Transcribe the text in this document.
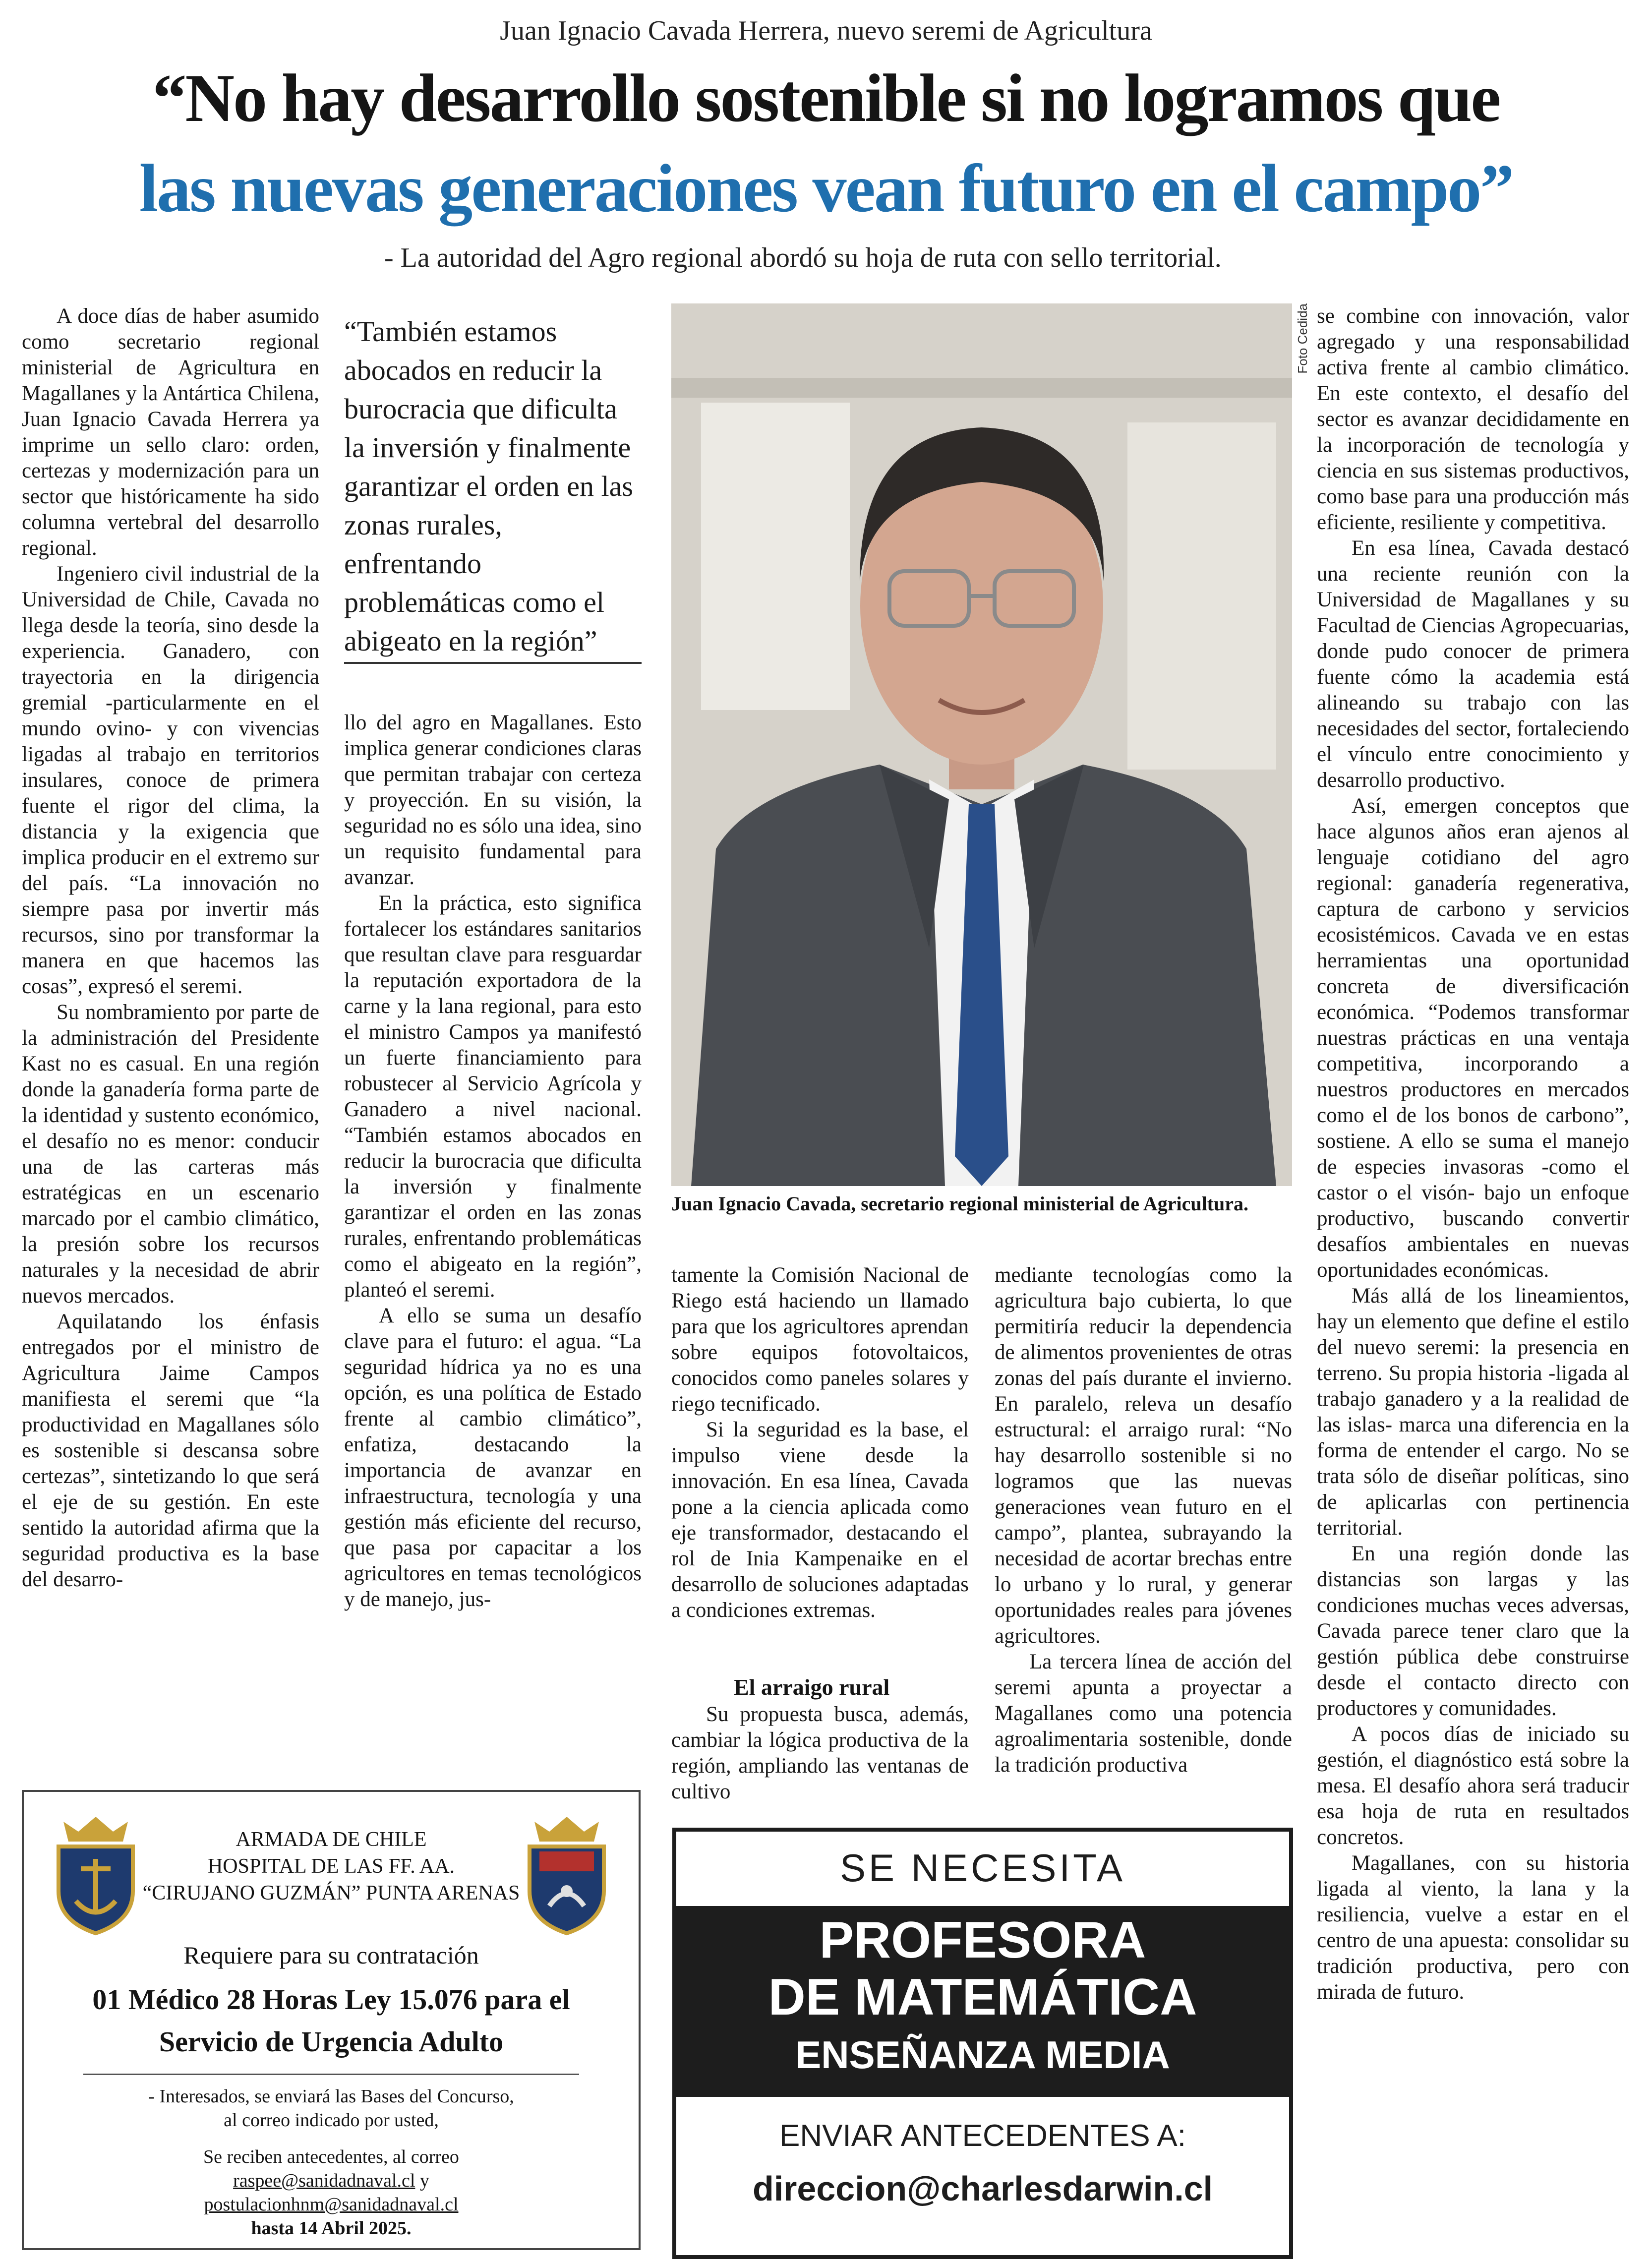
Juan Ignacio Cavada Herrera, nuevo seremi de Agricultura
“No hay desarrollo sostenible si no logramos que
las nuevas generaciones vean futuro en el campo”
- La autoridad del Agro regional abordó su hoja de ruta con sello territorial.

A doce días de haber asumido como secretario regional ministerial de Agricultura en Magallanes y la Antártica Chilena, Juan Ignacio Cavada Herrera ya imprime un sello claro: orden, certezas y modernización para un sector que históricamente ha sido columna vertebral del desarrollo regional.

Ingeniero civil industrial de la Universidad de Chile, Cavada no llega desde la teoría, sino desde la experiencia. Ganadero, con trayectoria en la dirigencia gremial -particularmente en el mundo ovino- y con vivencias ligadas al trabajo en territorios insulares, conoce de primera fuente el rigor del clima, la distancia y la exigencia que implica producir en el extremo sur del país. “La innovación no siempre pasa por invertir más recursos, sino por transformar la manera en que hacemos las cosas”, expresó el seremi.

Su nombramiento por parte de la administración del Presidente Kast no es casual. En una región donde la ganadería forma parte de la identidad y sustento económico, el desafío no es menor: conducir una de las carteras más estratégicas en un escenario marcado por el cambio climático, la presión sobre los recursos naturales y la necesidad de abrir nuevos mercados.

Aquilatando los énfasis entregados por el ministro de Agricultura Jaime Campos manifiesta el seremi que “la productividad en Magallanes sólo es sostenible si descansa sobre certezas”, sintetizando lo que será el eje de su gestión. En este sentido la autoridad afirma que la seguridad productiva es la base del desarro-

“También estamos abocados en reducir la burocracia que dificulta la inversión y finalmente garantizar el orden en las zonas rurales, enfrentando problemáticas como el abigeato en la región”

llo del agro en Magallanes. Esto implica generar condiciones claras que permitan trabajar con certeza y proyección. En su visión, la seguridad no es sólo una idea, sino un requisito fundamental para avanzar.

En la práctica, esto significa fortalecer los estándares sanitarios que resultan clave para resguardar la reputación exportadora de la carne y la lana regional, para esto el ministro Campos ya manifestó un fuerte financiamiento para robustecer al Servicio Agrícola y Ganadero a nivel nacional. “También estamos abocados en reducir la burocracia que dificulta la inversión y finalmente garantizar el orden en las zonas rurales, enfrentando problemáticas como el abigeato en la región”, planteó el seremi.

A ello se suma un desafío clave para el futuro: el agua. “La seguridad hídrica ya no es una opción, es una política de Estado frente al cambio climático”, enfatiza, destacando la importancia de avanzar en infraestructura, tecnología y una gestión más eficiente del recurso, que pasa por capacitar a los agricultores en temas tecnológicos y de manejo, jus-

Foto Cedida
Juan Ignacio Cavada, secretario regional ministerial de Agricultura.

tamente la Comisión Nacional de Riego está haciendo un llamado para que los agricultores aprendan sobre equipos fotovoltaicos, conocidos como paneles solares y riego tecnificado.

Si la seguridad es la base, el impulso viene desde la innovación. En esa línea, Cavada pone a la ciencia aplicada como eje transformador, destacando el rol de Inia Kampenaike en el desarrollo de soluciones adaptadas a condiciones extremas.

El arraigo rural

Su propuesta busca, además, cambiar la lógica productiva de la región, ampliando las ventanas de cultivo

mediante tecnologías como la agricultura bajo cubierta, lo que permitiría reducir la dependencia de alimentos provenientes de otras zonas del país durante el invierno. En paralelo, releva un desafío estructural: el arraigo rural: “No hay desarrollo sostenible si no logramos que las nuevas generaciones vean futuro en el campo”, plantea, subrayando la necesidad de acortar brechas entre lo urbano y lo rural, y generar oportunidades reales para jóvenes agricultores.

La tercera línea de acción del seremi apunta a proyectar a Magallanes como una potencia agroalimentaria sostenible, donde la tradición productiva

se combine con innovación, valor agregado y una responsabilidad activa frente al cambio climático. En este contexto, el desafío del sector es avanzar decididamente en la incorporación de tecnología y ciencia en sus sistemas productivos, como base para una producción más eficiente, resiliente y competitiva.

En esa línea, Cavada destacó una reciente reunión con la Universidad de Magallanes y su Facultad de Ciencias Agropecuarias, donde pudo conocer de primera fuente cómo la academia está alineando su trabajo con las necesidades del sector, fortaleciendo el vínculo entre conocimiento y desarrollo productivo.

Así, emergen conceptos que hace algunos años eran ajenos al lenguaje cotidiano del agro regional: ganadería regenerativa, captura de carbono y servicios ecosistémicos. Cavada ve en estas herramientas una oportunidad concreta de diversificación económica. “Podemos transformar nuestras prácticas en una ventaja competitiva, incorporando a nuestros productores en mercados como el de los bonos de carbono”, sostiene. A ello se suma el manejo de especies invasoras -como el castor o el visón- bajo un enfoque productivo, buscando convertir desafíos ambientales en nuevas oportunidades económicas.

Más allá de los lineamientos, hay un elemento que define el estilo del nuevo seremi: la presencia en terreno. Su propia historia -ligada al trabajo ganadero y a la realidad de las islas- marca una diferencia en la forma de entender el cargo. No se trata sólo de diseñar políticas, sino de aplicarlas con pertinencia territorial.

En una región donde las distancias son largas y las condiciones muchas veces adversas, Cavada parece tener claro que la gestión pública debe construirse desde el contacto directo con productores y comunidades.

A pocos días de iniciado su gestión, el diagnóstico está sobre la mesa. El desafío ahora será traducir esa hoja de ruta en resultados concretos.

Magallanes, con su historia ligada al viento, la lana y la resiliencia, vuelve a estar en el centro de una apuesta: consolidar su tradición productiva, pero con mirada de futuro.

ARMADA DE CHILE
HOSPITAL DE LAS FF. AA.
“CIRUJANO GUZMÁN” PUNTA ARENAS
Requiere para su contratación
01 Médico 28 Horas Ley 15.076 para el
Servicio de Urgencia Adulto
- Interesados, se enviará las Bases del Concurso,
al correo indicado por usted,
Se reciben antecedentes, al correo
raspee@sanidadnaval.cl y
postulacionhnm@sanidadnaval.cl
hasta 14 Abril 2025.
SE NECESITA
PROFESORA
DE MATEMÁTICA
ENSEÑANZA MEDIA
ENVIAR ANTECEDENTES A:
direccion@charlesdarwin.cl
